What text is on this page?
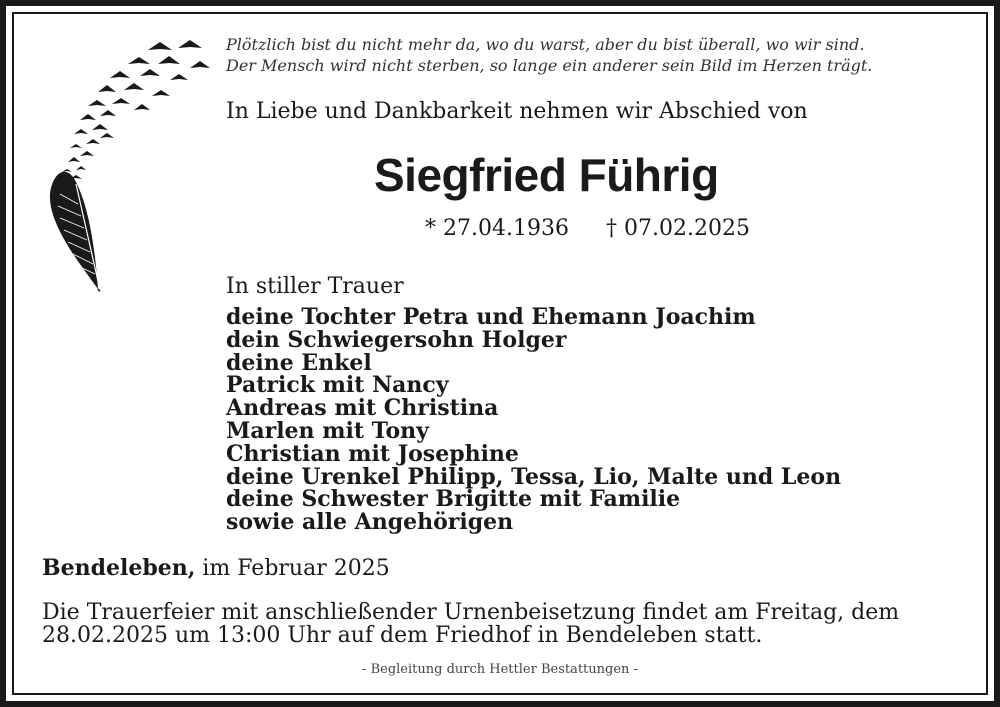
Plötzlich bist du nicht mehr da, wo du warst, aber du bist überall, wo wir sind.
Der Mensch wird nicht sterben, so lange ein anderer sein Bild im Herzen trägt.
In Liebe und Dankbarkeit nehmen wir Abschied von
Siegfried Führig
* 27.04.1936 † 07.02.2025
In stiller Trauer
deine Tochter Petra und Ehemann Joachim
dein Schwiegersohn Holger
deine Enkel
Patrick mit Nancy
Andreas mit Christina
Marlen mit Tony
Christian mit Josephine
deine Urenkel Philipp, Tessa, Lio, Malte und Leon
deine Schwester Brigitte mit Familie
sowie alle Angehörigen
Bendeleben, im Februar 2025
Die Trauerfeier mit anschließender Urnenbeisetzung findet am Freitag, dem
28.02.2025 um 13:00 Uhr auf dem Friedhof in Bendeleben statt.
- Begleitung durch Hettler Bestattungen -
